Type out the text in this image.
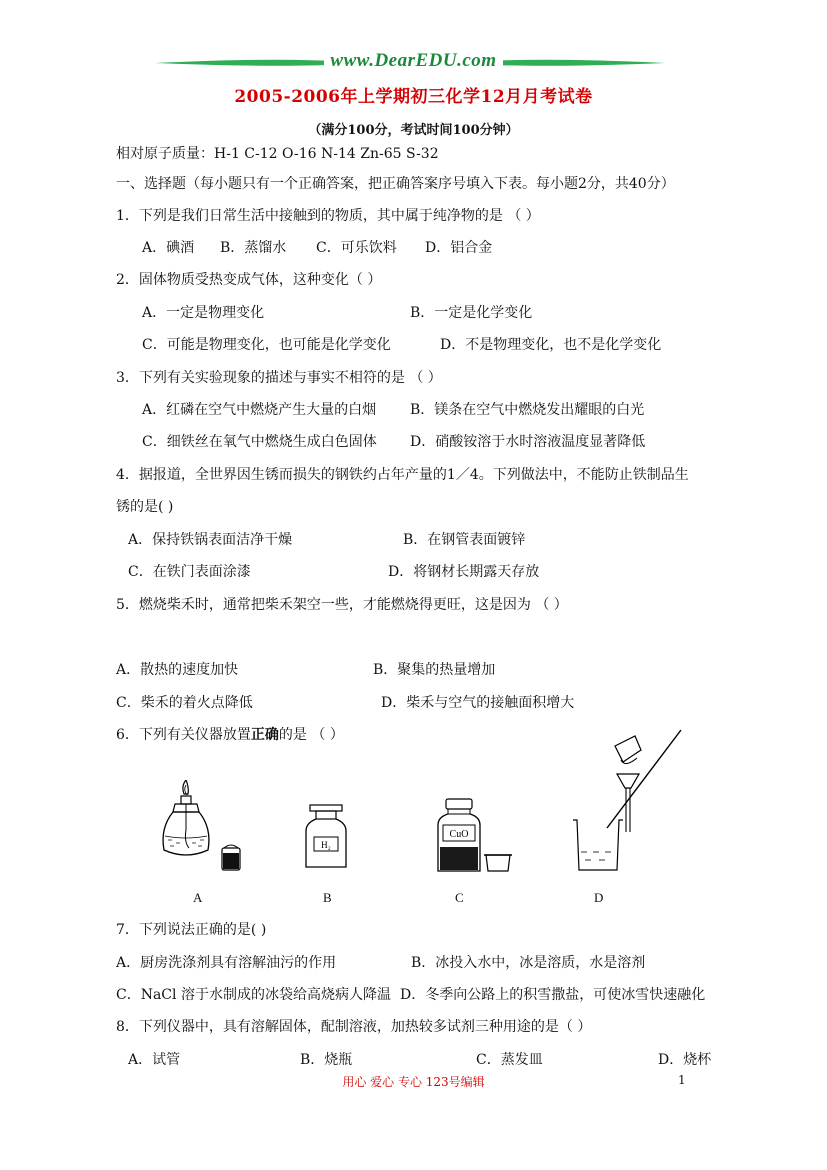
www.DearEDU.com
2005-2006年上学期初三化学12月月考试卷
（满分100分，考试时间100分钟）
相对原子质量：H-1 C-12 O-16 N-14 Zn-65 S-32
一、选择题（每小题只有一个正确答案，把正确答案序号填入下表。每小题2分，共40分）
1．下列是我们日常生活中接触到的物质，其中属于纯净物的是 （ ）
A．碘酒 B．蒸馏水 C．可乐饮料 D．铝合金
2．固体物质受热变成气体，这种变化（ ）
A．一定是物理变化	B．一定是化学变化
C．可能是物理变化，也可能是化学变化	D．不是物理变化，也不是化学变化
3．下列有关实验现象的描述与事实不相符的是 （ ）
A．红磷在空气中燃烧产生大量的白烟 B．镁条在空气中燃烧发出耀眼的白光
C．细铁丝在氧气中燃烧生成白色固体 D．硝酸铵溶于水时溶液温度显著降低
4．据报道，全世界因生锈而损失的钢铁约占年产量的1／4。下列做法中，不能防止铁制品生
锈的是( )
A．保持铁锅表面洁净干燥	B．在钢管表面镀锌
C．在铁门表面涂漆	D．将钢材长期露天存放
5．燃烧柴禾时，通常把柴禾架空一些，才能燃烧得更旺，这是因为 （ ）
A．散热的速度加快	B．聚集的热量增加
C．柴禾的着火点降低	D．柴禾与空气的接触面积增大
6．下列有关仪器放置正确的是 （ ）
H₂
CuO
A	B	C	D
7．下列说法正确的是( )
A．厨房洗涤剂具有溶解油污的作用	B．冰投入水中，冰是溶质，水是溶剂
C．NaCl 溶于水制成的冰袋给高烧病人降温 D．冬季向公路上的积雪撒盐，可使冰雪快速融化
8．下列仪器中，具有溶解固体，配制溶液，加热较多试剂三种用途的是（ ）
A．试管	B．烧瓶	C．蒸发皿	D．烧杯
用心 爱心 专心 123号编辑	1
